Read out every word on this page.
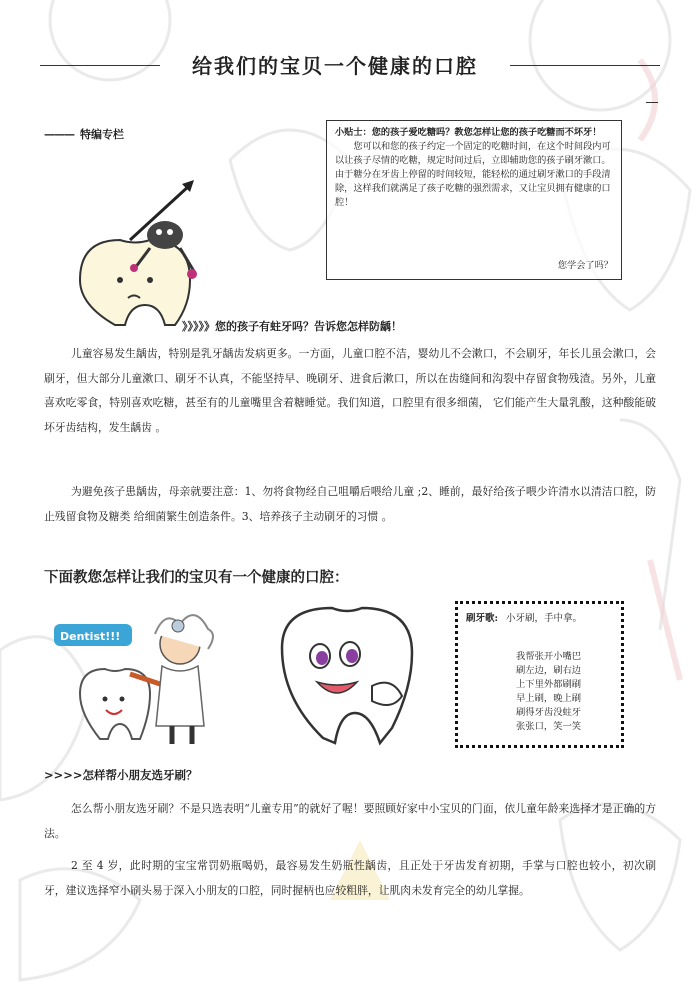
给我们的宝贝一个健康的口腔
——— 特编专栏	小贴士：您的孩子爱吃糖吗？教您怎样让您的孩子吃糖而不坏牙！

您可以和您的孩子约定一个固定的吃糖时间，在这个时间段内可以让孩子尽情的吃糖，规定时间过后，立即辅助您的孩子刷牙漱口。由于糖分在牙齿上停留的时间较短，能轻松的通过刷牙漱口的手段清除，这样我们就满足了孩子吃糖的强烈需求，又让宝贝拥有健康的口腔！

您学会了吗？
》》》》》您的孩子有蛀牙吗？告诉您怎样防龋！

儿童容易发生龋齿，特别是乳牙龋齿发病更多。一方面，儿童口腔不洁，婴幼儿不会漱口，不会刷牙，年长儿虽会漱口，会刷牙，但大部分儿童漱口、刷牙不认真，不能坚持早、晚刷牙、进食后漱口，所以在齿缝间和沟裂中存留食物残渣。另外，儿童喜欢吃零食，特别喜欢吃糖，甚至有的儿童嘴里含着糖睡觉。我们知道，口腔里有很多细菌， 它们能产生大量乳酸，这种酸能破坏牙齿结构，发生龋齿 。

为避免孩子患龋齿，母亲就要注意：1、勿将食物经自己咀嚼后喂给儿童 ;2、睡前，最好给孩子喂少许清水以清洁口腔，防止残留食物及糖类 给细菌繁生创造条件。3、培养孩子主动刷牙的习惯 。

下面教您怎样让我们的宝贝有一个健康的口腔：
Dentist!!!
刷牙歌: 小牙刷，手中拿。
我帮张开小嘴巴
刷左边，刷右边
上下里外都刷刷
早上刷，晚上刷
刷得牙齿没蛀牙
张张口，笑一笑
>>>>怎样帮小朋友选牙刷？

怎么帮小朋友选牙刷？不是只选表明“儿童专用”的就好了喔！要照顾好家中小宝贝的门面，依儿童年龄来选择才是正确的方法。

2 至 4 岁，此时期的宝宝常罚奶瓶喝奶，最容易发生奶瓶性龋齿，且正处于牙齿发育初期，手掌与口腔也较小，初次刷牙，建议选择窄小刷头易于深入小朋友的口腔，同时握柄也应较粗胖，让肌肉未发育完全的幼儿掌握。
